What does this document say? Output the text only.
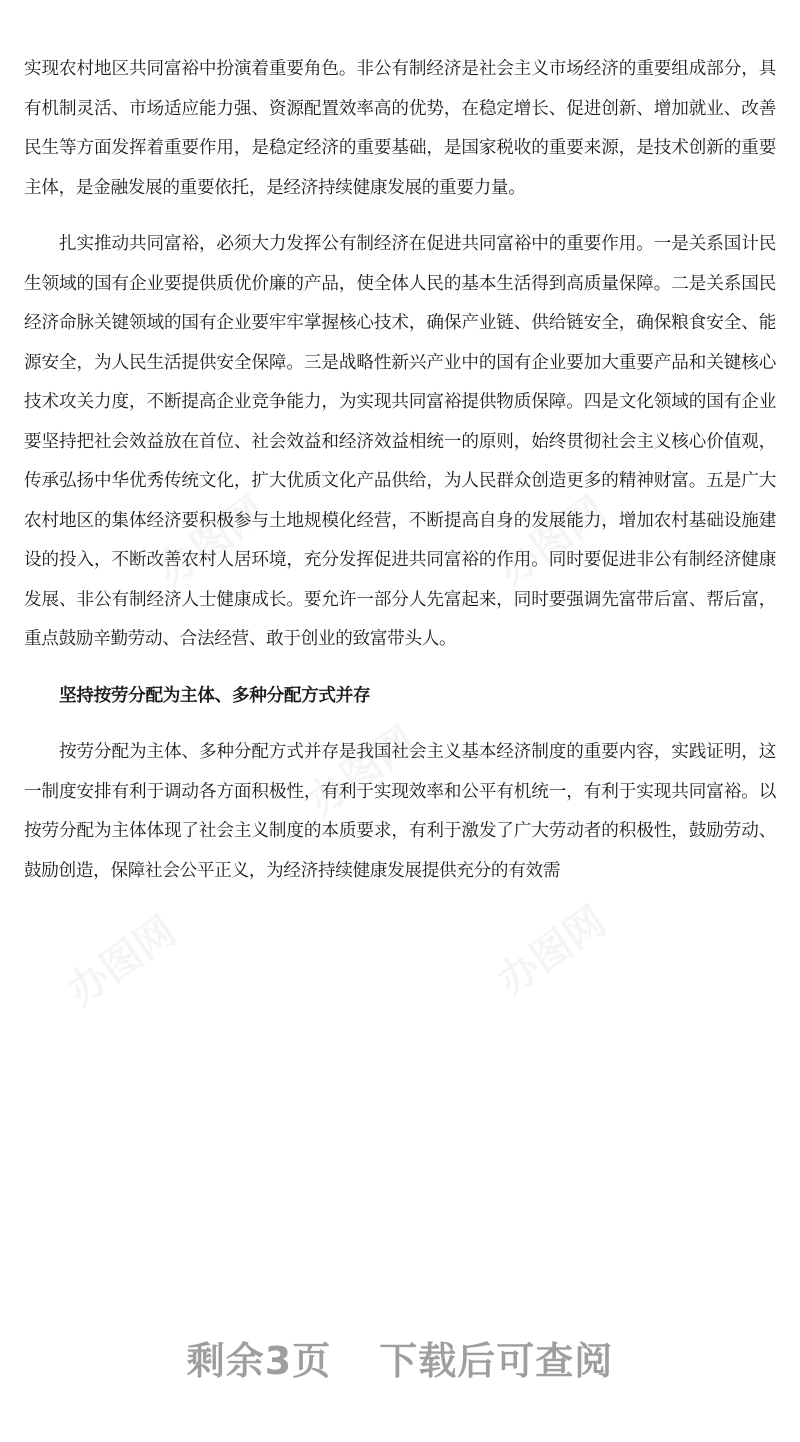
实现农村地区共同富裕中扮演着重要角色。非公有制经济是社会主义市场经济的重要组成部分，具有机制灵活、市场适应能力强、资源配置效率高的优势，在稳定增长、促进创新、增加就业、改善民生等方面发挥着重要作用，是稳定经济的重要基础，是国家税收的重要来源，是技术创新的重要主体，是金融发展的重要依托，是经济持续健康发展的重要力量。

扎实推动共同富裕，必须大力发挥公有制经济在促进共同富裕中的重要作用。一是关系国计民生领域的国有企业要提供质优价廉的产品，使全体人民的基本生活得到高质量保障。二是关系国民经济命脉关键领域的国有企业要牢牢掌握核心技术，确保产业链、供给链安全，确保粮食安全、能源安全，为人民生活提供安全保障。三是战略性新兴产业中的国有企业要加大重要产品和关键核心技术攻关力度，不断提高企业竞争能力，为实现共同富裕提供物质保障。四是文化领域的国有企业要坚持把社会效益放在首位、社会效益和经济效益相统一的原则，始终贯彻社会主义核心价值观，传承弘扬中华优秀传统文化，扩大优质文化产品供给，为人民群众创造更多的精神财富。五是广大农村地区的集体经济要积极参与土地规模化经营，不断提高自身的发展能力，增加农村基础设施建设的投入，不断改善农村人居环境，充分发挥促进共同富裕的作用。同时要促进非公有制经济健康发展、非公有制经济人士健康成长。要允许一部分人先富起来，同时要强调先富带后富、帮后富，重点鼓励辛勤劳动、合法经营、敢于创业的致富带头人。

坚持按劳分配为主体、多种分配方式并存

按劳分配为主体、多种分配方式并存是我国社会主义基本经济制度的重要内容，实践证明，这一制度安排有利于调动各方面积极性，有利于实现效率和公平有机统一，有利于实现共同富裕。以按劳分配为主体体现了社会主义制度的本质要求，有利于激发了广大劳动者的积极性，鼓励劳动、鼓励创造，保障社会公平正义，为经济持续健康发展提供充分的有效需

剩余3页 下载后可查阅
